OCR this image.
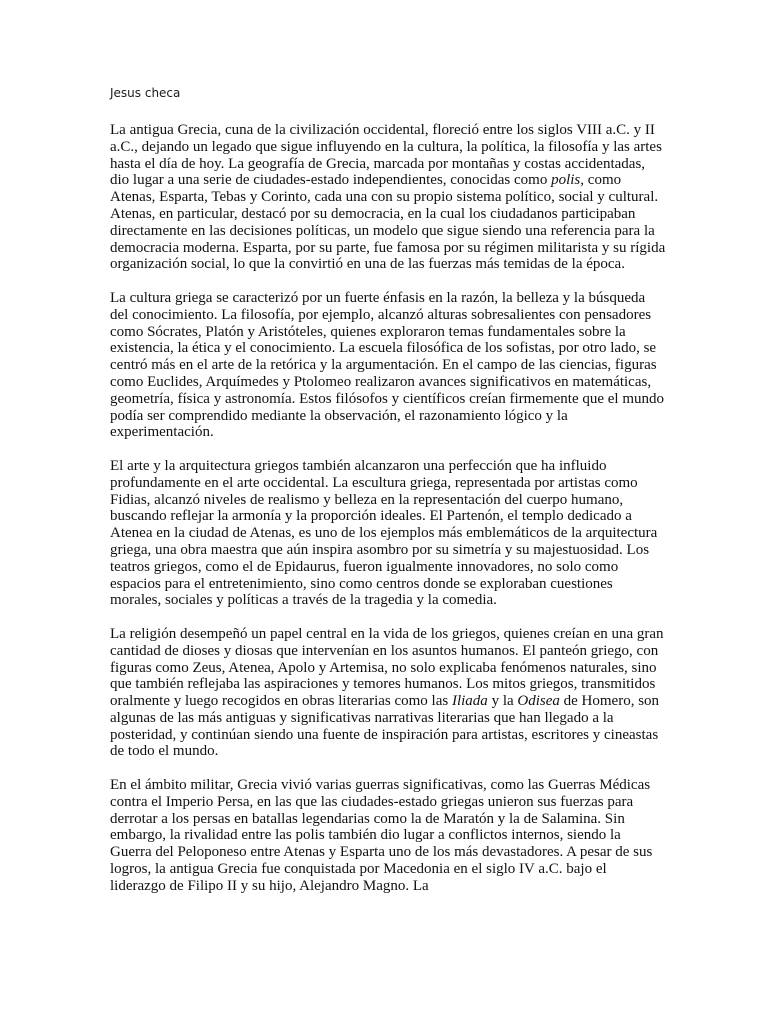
Jesus checa

La antigua Grecia, cuna de la civilización occidental, floreció entre los siglos VIII a.C. y II a.C., dejando un legado que sigue influyendo en la cultura, la política, la filosofía y las artes hasta el día de hoy. La geografía de Grecia, marcada por montañas y costas accidentadas, dio lugar a una serie de ciudades-estado independientes, conocidas como polis, como Atenas, Esparta, Tebas y Corinto, cada una con su propio sistema político, social y cultural. Atenas, en particular, destacó por su democracia, en la cual los ciudadanos participaban directamente en las decisiones políticas, un modelo que sigue siendo una referencia para la democracia moderna. Esparta, por su parte, fue famosa por su régimen militarista y su rígida organización social, lo que la convirtió en una de las fuerzas más temidas de la época.

La cultura griega se caracterizó por un fuerte énfasis en la razón, la belleza y la búsqueda del conocimiento. La filosofía, por ejemplo, alcanzó alturas sobresalientes con pensadores como Sócrates, Platón y Aristóteles, quienes exploraron temas fundamentales sobre la existencia, la ética y el conocimiento. La escuela filosófica de los sofistas, por otro lado, se centró más en el arte de la retórica y la argumentación. En el campo de las ciencias, figuras como Euclides, Arquímedes y Ptolomeo realizaron avances significativos en matemáticas, geometría, física y astronomía. Estos filósofos y científicos creían firmemente que el mundo podía ser comprendido mediante la observación, el razonamiento lógico y la experimentación.

El arte y la arquitectura griegos también alcanzaron una perfección que ha influido profundamente en el arte occidental. La escultura griega, representada por artistas como Fidias, alcanzó niveles de realismo y belleza en la representación del cuerpo humano, buscando reflejar la armonía y la proporción ideales. El Partenón, el templo dedicado a Atenea en la ciudad de Atenas, es uno de los ejemplos más emblemáticos de la arquitectura griega, una obra maestra que aún inspira asombro por su simetría y su majestuosidad. Los teatros griegos, como el de Epidaurus, fueron igualmente innovadores, no solo como espacios para el entretenimiento, sino como centros donde se exploraban cuestiones morales, sociales y políticas a través de la tragedia y la comedia.

La religión desempeñó un papel central en la vida de los griegos, quienes creían en una gran cantidad de dioses y diosas que intervenían en los asuntos humanos. El panteón griego, con figuras como Zeus, Atenea, Apolo y Artemisa, no solo explicaba fenómenos naturales, sino que también reflejaba las aspiraciones y temores humanos. Los mitos griegos, transmitidos oralmente y luego recogidos en obras literarias como las Iliada y la Odisea de Homero, son algunas de las más antiguas y significativas narrativas literarias que han llegado a la posteridad, y continúan siendo una fuente de inspiración para artistas, escritores y cineastas de todo el mundo.

En el ámbito militar, Grecia vivió varias guerras significativas, como las Guerras Médicas contra el Imperio Persa, en las que las ciudades-estado griegas unieron sus fuerzas para derrotar a los persas en batallas legendarias como la de Maratón y la de Salamina. Sin embargo, la rivalidad entre las polis también dio lugar a conflictos internos, siendo la Guerra del Peloponeso entre Atenas y Esparta uno de los más devastadores. A pesar de sus logros, la antigua Grecia fue conquistada por Macedonia en el siglo IV a.C. bajo el liderazgo de Filipo II y su hijo, Alejandro Magno. La
